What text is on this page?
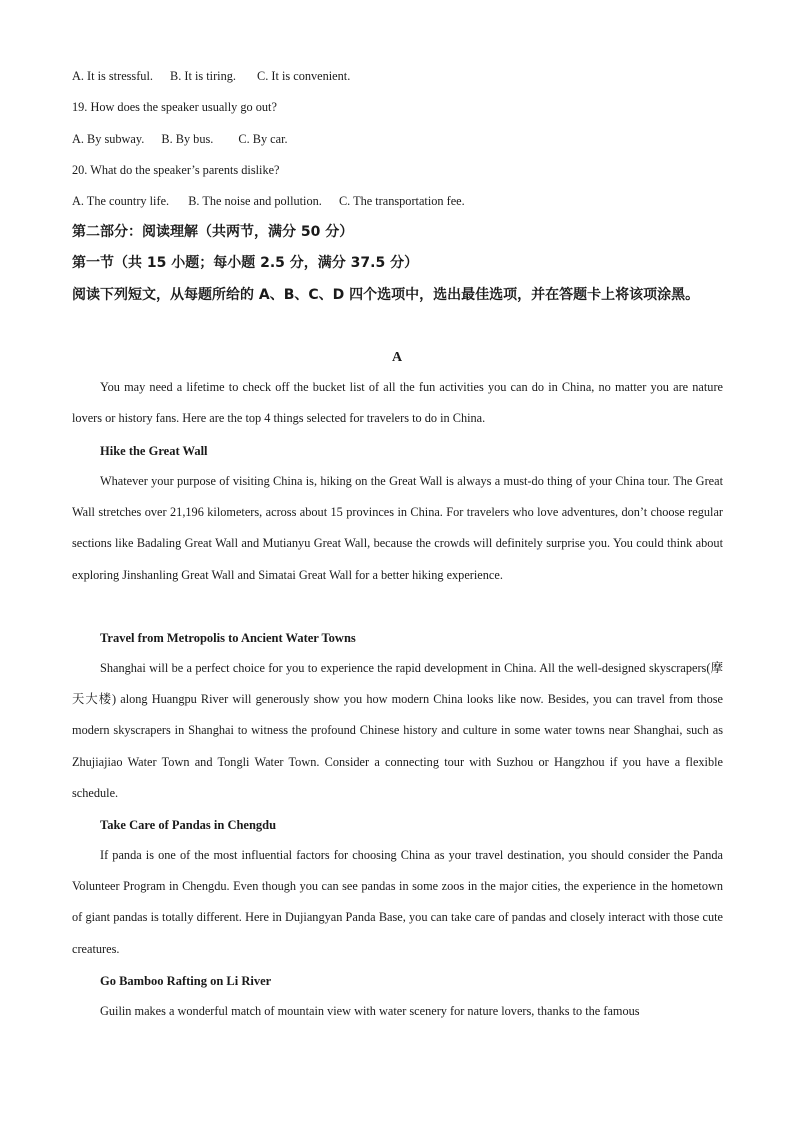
A. It is stressful. B. It is tiring. C. It is convenient.
19. How does the speaker usually go out?
A. By subway. B. By bus. C. By car.
20. What do the speaker’s parents dislike?
A. The country life. B. The noise and pollution. C. The transportation fee.
第二部分：阅读理解（共两节，满分 50 分）
第一节（共 15 小题；每小题 2.5 分，满分 37.5 分）
阅读下列短文，从每题所给的 A、B、C、D 四个选项中，选出最佳选项，并在答题卡上将该项涂黑。
A
You may need a lifetime to check off the bucket list of all the fun activities you can do in China, no matter you are nature lovers or history fans. Here are the top 4 things selected for travelers to do in China.
Hike the Great Wall
Whatever your purpose of visiting China is, hiking on the Great Wall is always a must-do thing of your China tour. The Great Wall stretches over 21,196 kilometers, across about 15 provinces in China. For travelers who love adventures, don’t choose regular sections like Badaling Great Wall and Mutianyu Great Wall, because the crowds will definitely surprise you. You could think about exploring Jinshanling Great Wall and Simatai Great Wall for a better hiking experience.
Travel from Metropolis to Ancient Water Towns
Shanghai will be a perfect choice for you to experience the rapid development in China. All the well-designed skyscrapers(摩天大楼) along Huangpu River will generously show you how modern China looks like now. Besides, you can travel from those modern skyscrapers in Shanghai to witness the profound Chinese history and culture in some water towns near Shanghai, such as Zhujiajiao Water Town and Tongli Water Town. Consider a connecting tour with Suzhou or Hangzhou if you have a flexible schedule.
Take Care of Pandas in Chengdu
If panda is one of the most influential factors for choosing China as your travel destination, you should consider the Panda Volunteer Program in Chengdu. Even though you can see pandas in some zoos in the major cities, the experience in the hometown of giant pandas is totally different. Here in Dujiangyan Panda Base, you can take care of pandas and closely interact with those cute creatures.
Go Bamboo Rafting on Li River
Guilin makes a wonderful match of mountain view with water scenery for nature lovers, thanks to the famous
